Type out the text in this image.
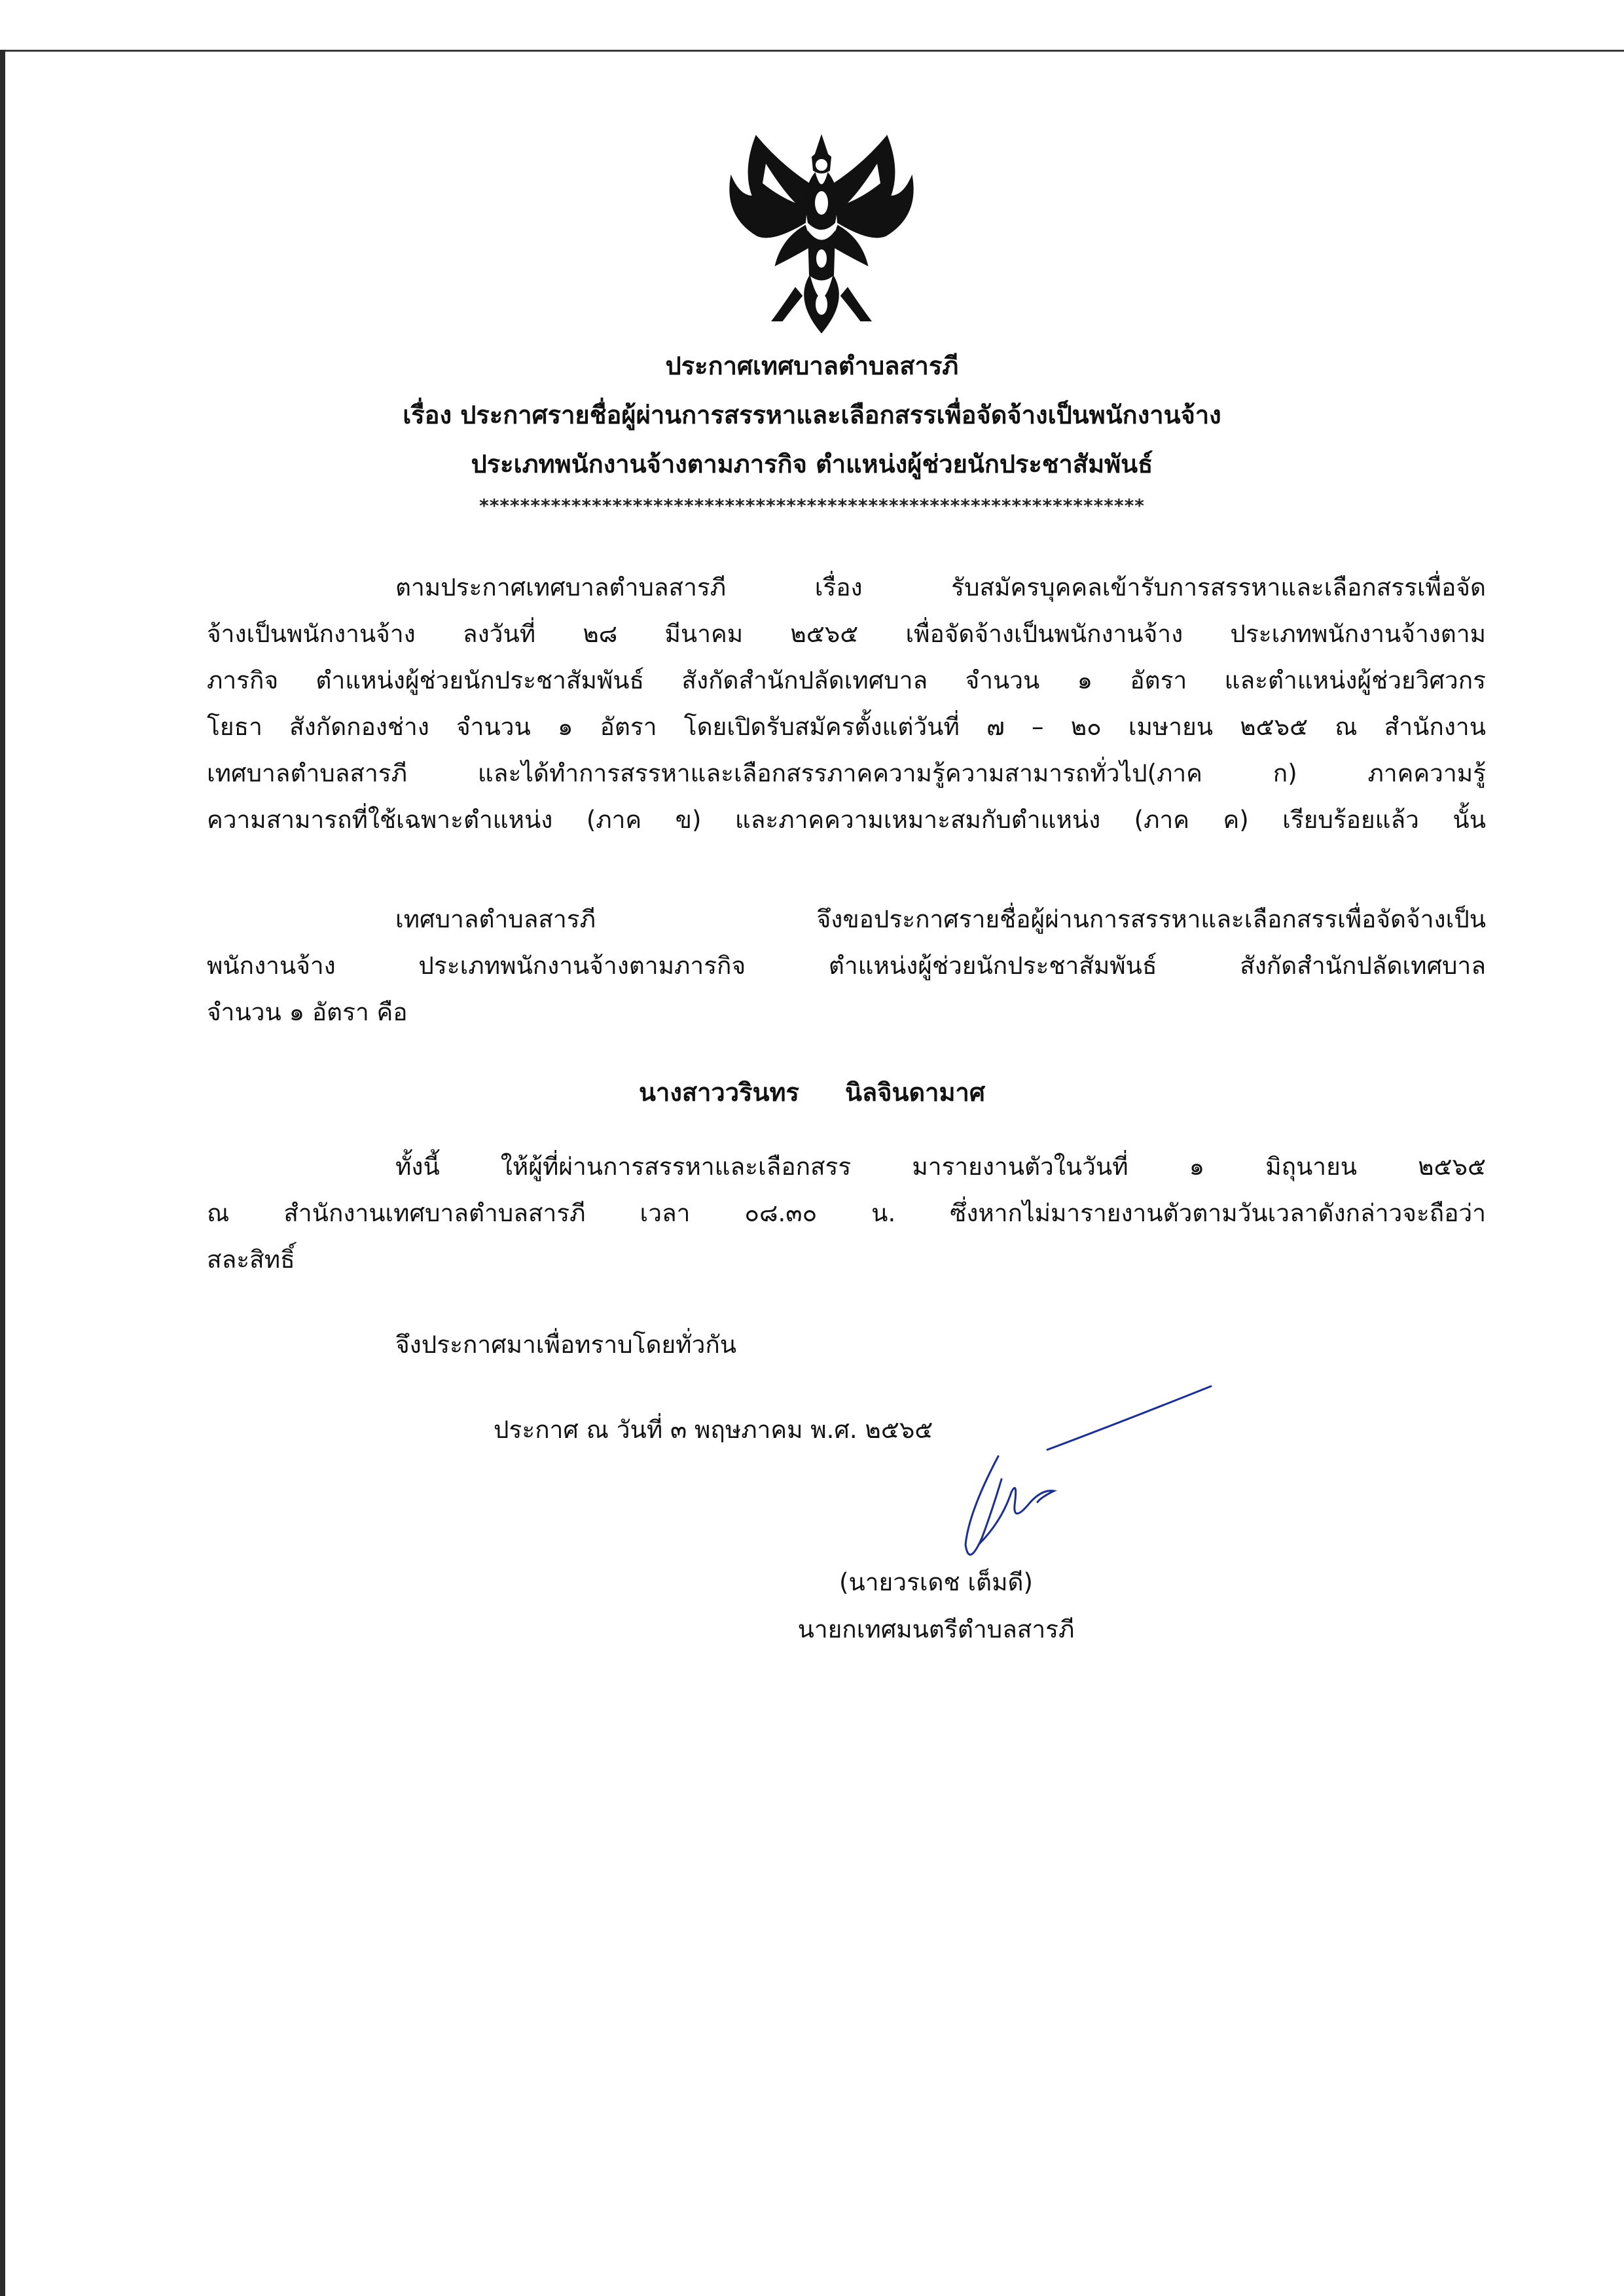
ประกาศเทศบาลตำบลสารภี
เรื่อง ประกาศรายชื่อผู้ผ่านการสรรหาและเลือกสรรเพื่อจัดจ้างเป็นพนักงานจ้าง
ประเภทพนักงานจ้างตามภารกิจ ตำแหน่งผู้ช่วยนักประชาสัมพันธ์
*****************************************************************
ตามประกาศเทศบาลตำบลสารภี เรื่อง รับสมัครบุคคลเข้ารับการสรรหาและเลือกสรรเพื่อจัด
จ้างเป็นพนักงานจ้าง ลงวันที่ ๒๘ มีนาคม ๒๕๖๕ เพื่อจัดจ้างเป็นพนักงานจ้าง ประเภทพนักงานจ้างตาม
ภารกิจ ตำแหน่งผู้ช่วยนักประชาสัมพันธ์ สังกัดสำนักปลัดเทศบาล จำนวน ๑ อัตรา และตำแหน่งผู้ช่วยวิศวกร
โยธา สังกัดกองช่าง จำนวน ๑ อัตรา โดยเปิดรับสมัครตั้งแต่วันที่ ๗ – ๒๐ เมษายน ๒๕๖๕ ณ สำนักงาน
เทศบาลตำบลสารภี และได้ทำการสรรหาและเลือกสรรภาคความรู้ความสามารถทั่วไป(ภาค ก) ภาคความรู้
ความสามารถที่ใช้เฉพาะตำแหน่ง (ภาค ข) และภาคความเหมาะสมกับตำแหน่ง (ภาค ค) เรียบร้อยแล้ว นั้น
เทศบาลตำบลสารภี จึงขอประกาศรายชื่อผู้ผ่านการสรรหาและเลือกสรรเพื่อจัดจ้างเป็น
พนักงานจ้าง ประเภทพนักงานจ้างตามภารกิจ ตำแหน่งผู้ช่วยนักประชาสัมพันธ์ สังกัดสำนักปลัดเทศบาล
จำนวน ๑ อัตรา คือ
นางสาววรินทร นิลจินดามาศ
ทั้งนี้ ให้ผู้ที่ผ่านการสรรหาและเลือกสรร มารายงานตัวในวันที่ ๑ มิถุนายน ๒๕๖๕
ณ สำนักงานเทศบาลตำบลสารภี เวลา ๐๘.๓๐ น. ซึ่งหากไม่มารายงานตัวตามวันเวลาดังกล่าวจะถือว่า
สละสิทธิ์
จึงประกาศมาเพื่อทราบโดยทั่วกัน
ประกาศ ณ วันที่ ๓ พฤษภาคม พ.ศ. ๒๕๖๕
(นายวรเดช เต็มดี)
นายกเทศมนตรีตำบลสารภี
